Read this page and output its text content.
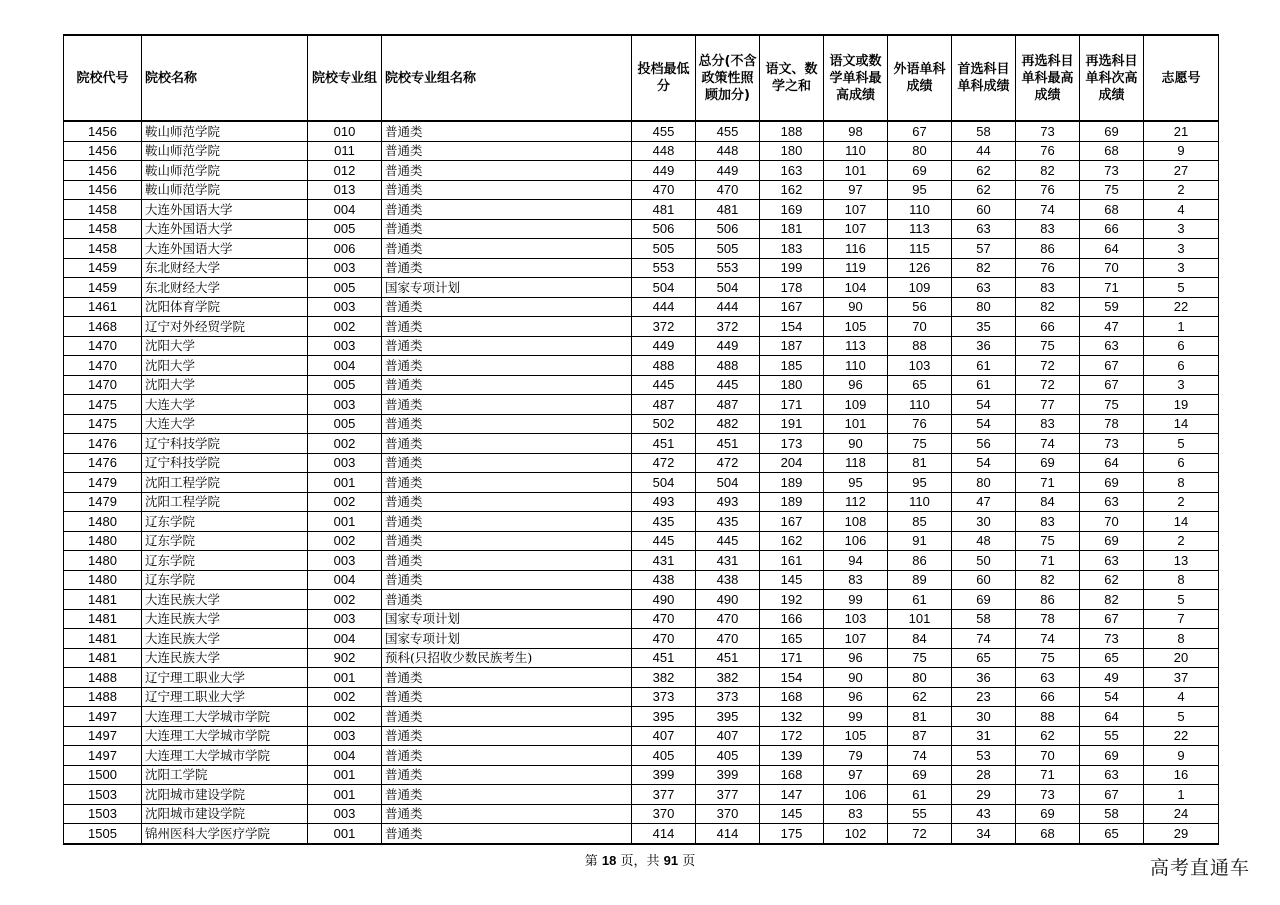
院校代号	院校名称	院校专业组	院校专业组名称	投档最低分	总分(不含政策性照顾加分)	语文、数学之和	语文或数学单科最高成绩	外语单科成绩	首选科目单科成绩	再选科目单科最高成绩	再选科目单科次高成绩	志愿号
1456	鞍山师范学院	010	普通类	455	455	188	98	67	58	73	69	21
1456	鞍山师范学院	011	普通类	448	448	180	110	80	44	76	68	9
1456	鞍山师范学院	012	普通类	449	449	163	101	69	62	82	73	27
1456	鞍山师范学院	013	普通类	470	470	162	97	95	62	76	75	2
1458	大连外国语大学	004	普通类	481	481	169	107	110	60	74	68	4
1458	大连外国语大学	005	普通类	506	506	181	107	113	63	83	66	3
1458	大连外国语大学	006	普通类	505	505	183	116	115	57	86	64	3
1459	东北财经大学	003	普通类	553	553	199	119	126	82	76	70	3
1459	东北财经大学	005	国家专项计划	504	504	178	104	109	63	83	71	5
1461	沈阳体育学院	003	普通类	444	444	167	90	56	80	82	59	22
1468	辽宁对外经贸学院	002	普通类	372	372	154	105	70	35	66	47	1
1470	沈阳大学	003	普通类	449	449	187	113	88	36	75	63	6
1470	沈阳大学	004	普通类	488	488	185	110	103	61	72	67	6
1470	沈阳大学	005	普通类	445	445	180	96	65	61	72	67	3
1475	大连大学	003	普通类	487	487	171	109	110	54	77	75	19
1475	大连大学	005	普通类	502	482	191	101	76	54	83	78	14
1476	辽宁科技学院	002	普通类	451	451	173	90	75	56	74	73	5
1476	辽宁科技学院	003	普通类	472	472	204	118	81	54	69	64	6
1479	沈阳工程学院	001	普通类	504	504	189	95	95	80	71	69	8
1479	沈阳工程学院	002	普通类	493	493	189	112	110	47	84	63	2
1480	辽东学院	001	普通类	435	435	167	108	85	30	83	70	14
1480	辽东学院	002	普通类	445	445	162	106	91	48	75	69	2
1480	辽东学院	003	普通类	431	431	161	94	86	50	71	63	13
1480	辽东学院	004	普通类	438	438	145	83	89	60	82	62	8
1481	大连民族大学	002	普通类	490	490	192	99	61	69	86	82	5
1481	大连民族大学	003	国家专项计划	470	470	166	103	101	58	78	67	7
1481	大连民族大学	004	国家专项计划	470	470	165	107	84	74	74	73	8
1481	大连民族大学	902	预科(只招收少数民族考生)	451	451	171	96	75	65	75	65	20
1488	辽宁理工职业大学	001	普通类	382	382	154	90	80	36	63	49	37
1488	辽宁理工职业大学	002	普通类	373	373	168	96	62	23	66	54	4
1497	大连理工大学城市学院	002	普通类	395	395	132	99	81	30	88	64	5
1497	大连理工大学城市学院	003	普通类	407	407	172	105	87	31	62	55	22
1497	大连理工大学城市学院	004	普通类	405	405	139	79	74	53	70	69	9
1500	沈阳工学院	001	普通类	399	399	168	97	69	28	71	63	16
1503	沈阳城市建设学院	001	普通类	377	377	147	106	61	29	73	67	1
1503	沈阳城市建设学院	003	普通类	370	370	145	83	55	43	69	58	24
1505	锦州医科大学医疗学院	001	普通类	414	414	175	102	72	34	68	65	29
第 18 页，共 91 页	高考直通车
